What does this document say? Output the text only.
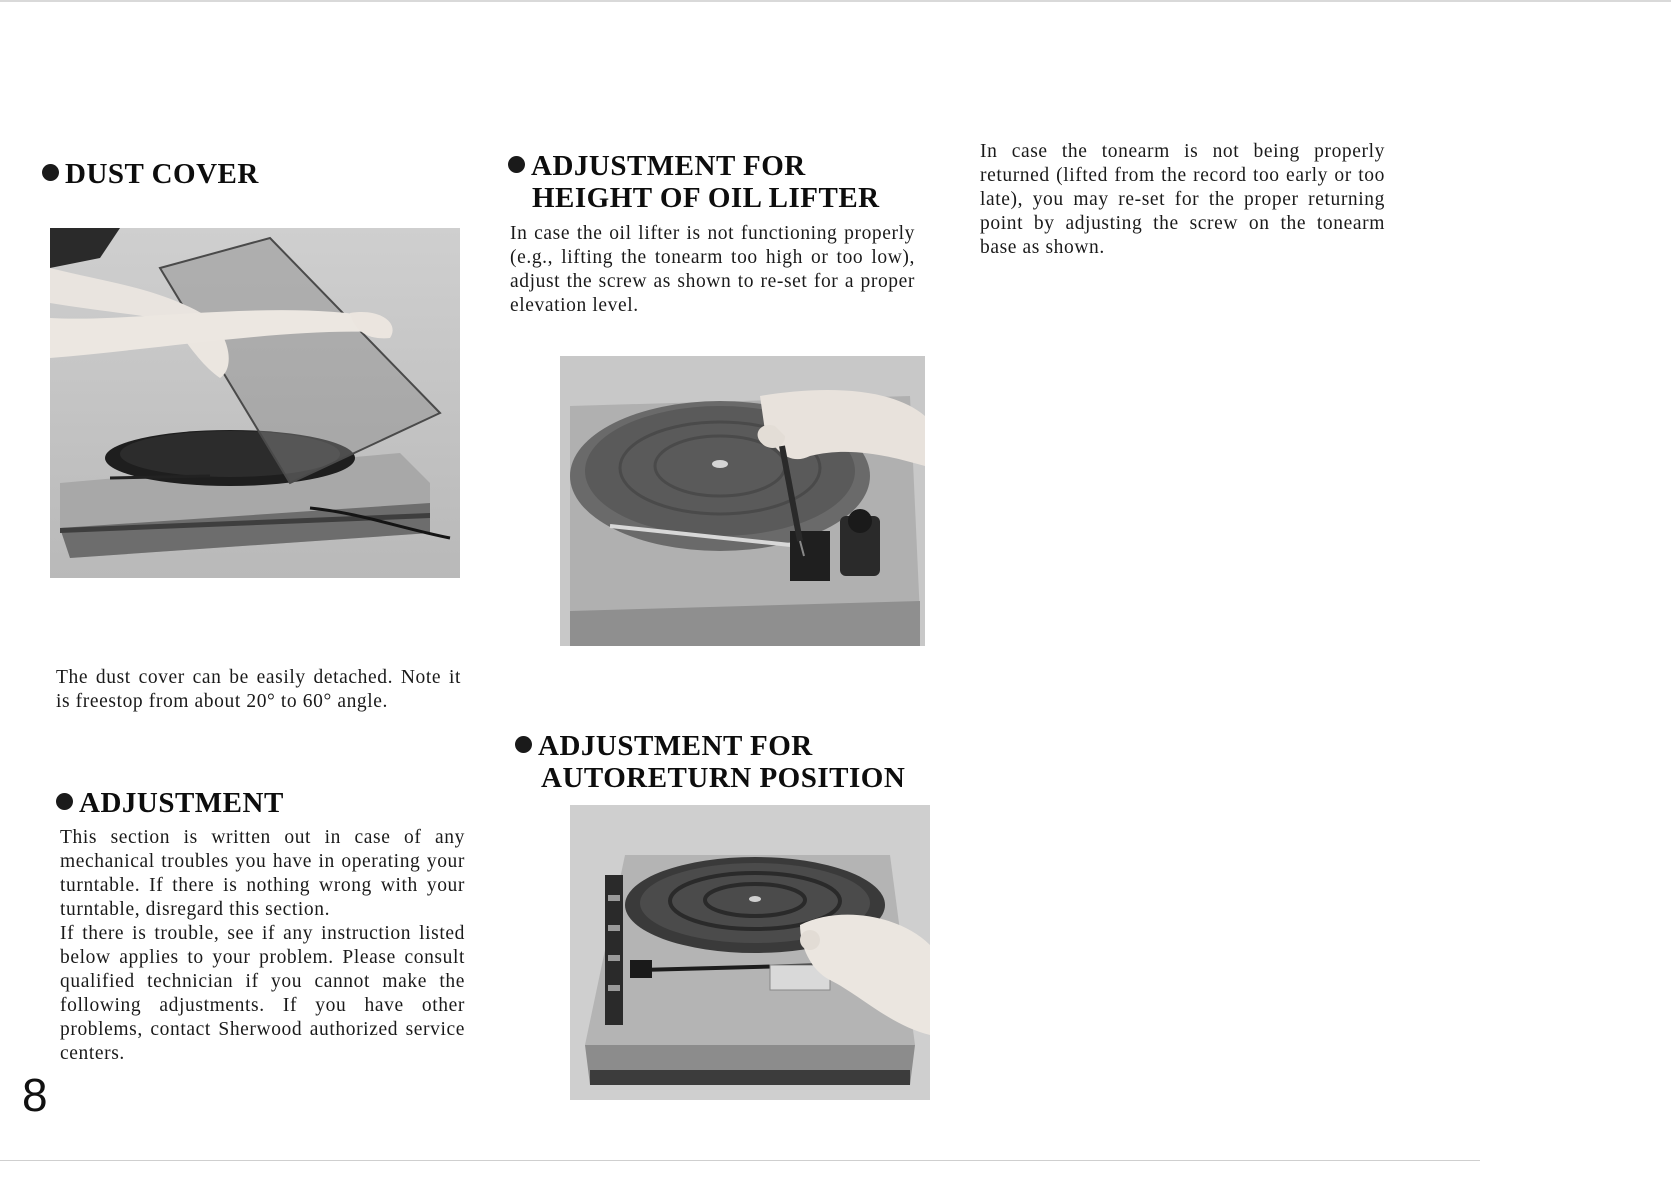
DUST COVER

The dust cover can be easily detached. Note it is freestop from about 20° to 60° angle.

ADJUSTMENT

This section is written out in case of any mechanical troubles you have in operating your turntable. If there is nothing wrong with your turntable, disregard this section.

If there is trouble, see if any instruction listed below applies to your problem. Please consult qualified technician if you cannot make the following adjustments. If you have other problems, contact Sherwood authorized service centers.

8
ADJUSTMENT FOR
HEIGHT OF OIL LIFTER

In case the oil lifter is not functioning properly (e.g., lifting the tonearm too high or too low), adjust the screw as shown to re-set for a proper elevation level.

ADJUSTMENT FOR
AUTORETURN POSITION

In case the tonearm is not being properly returned (lifted from the record too early or too late), you may re-set for the proper returning point by adjusting the screw on the tonearm base as shown.
